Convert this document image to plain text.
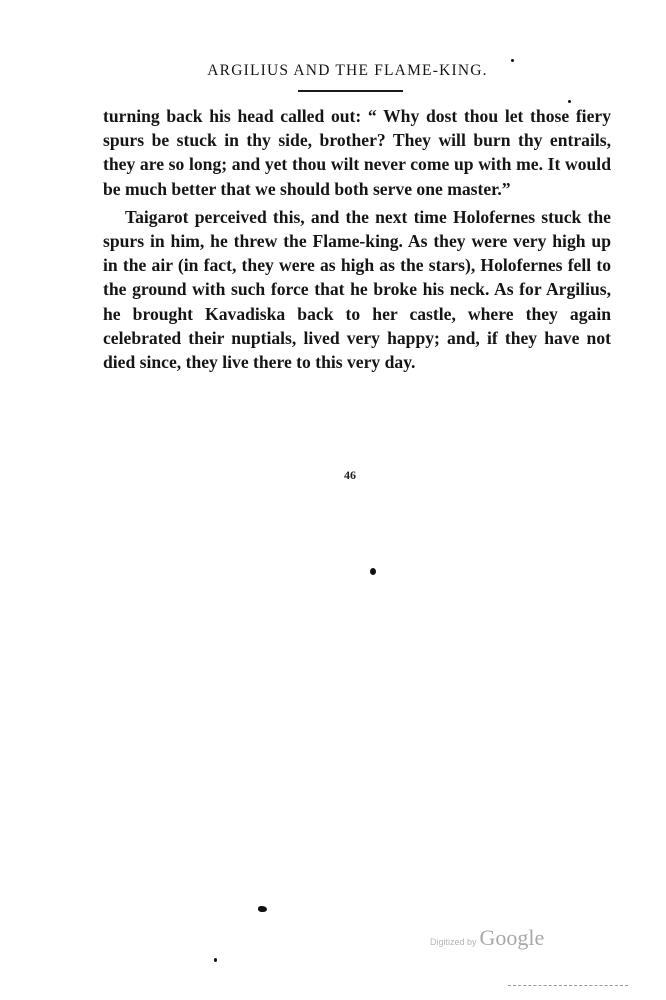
ARGILIUS AND THE FLAME-KING.

turning back his head called out: “ Why dost thou let those fiery spurs be stuck in thy side, brother? They will burn thy entrails, they are so long; and yet thou wilt never come up with me. It would be much better that we should both serve one master.”

Taigarot perceived this, and the next time Holofernes stuck the spurs in him, he threw the Flame-king. As they were very high up in the air (in fact, they were as high as the stars), Holofernes fell to the ground with such force that he broke his neck. As for Argilius, he brought Kavadiska back to her castle, where they again celebrated their nuptials, lived very happy; and, if they have not died since, they live there to this very day.

46
Digitized by Google
